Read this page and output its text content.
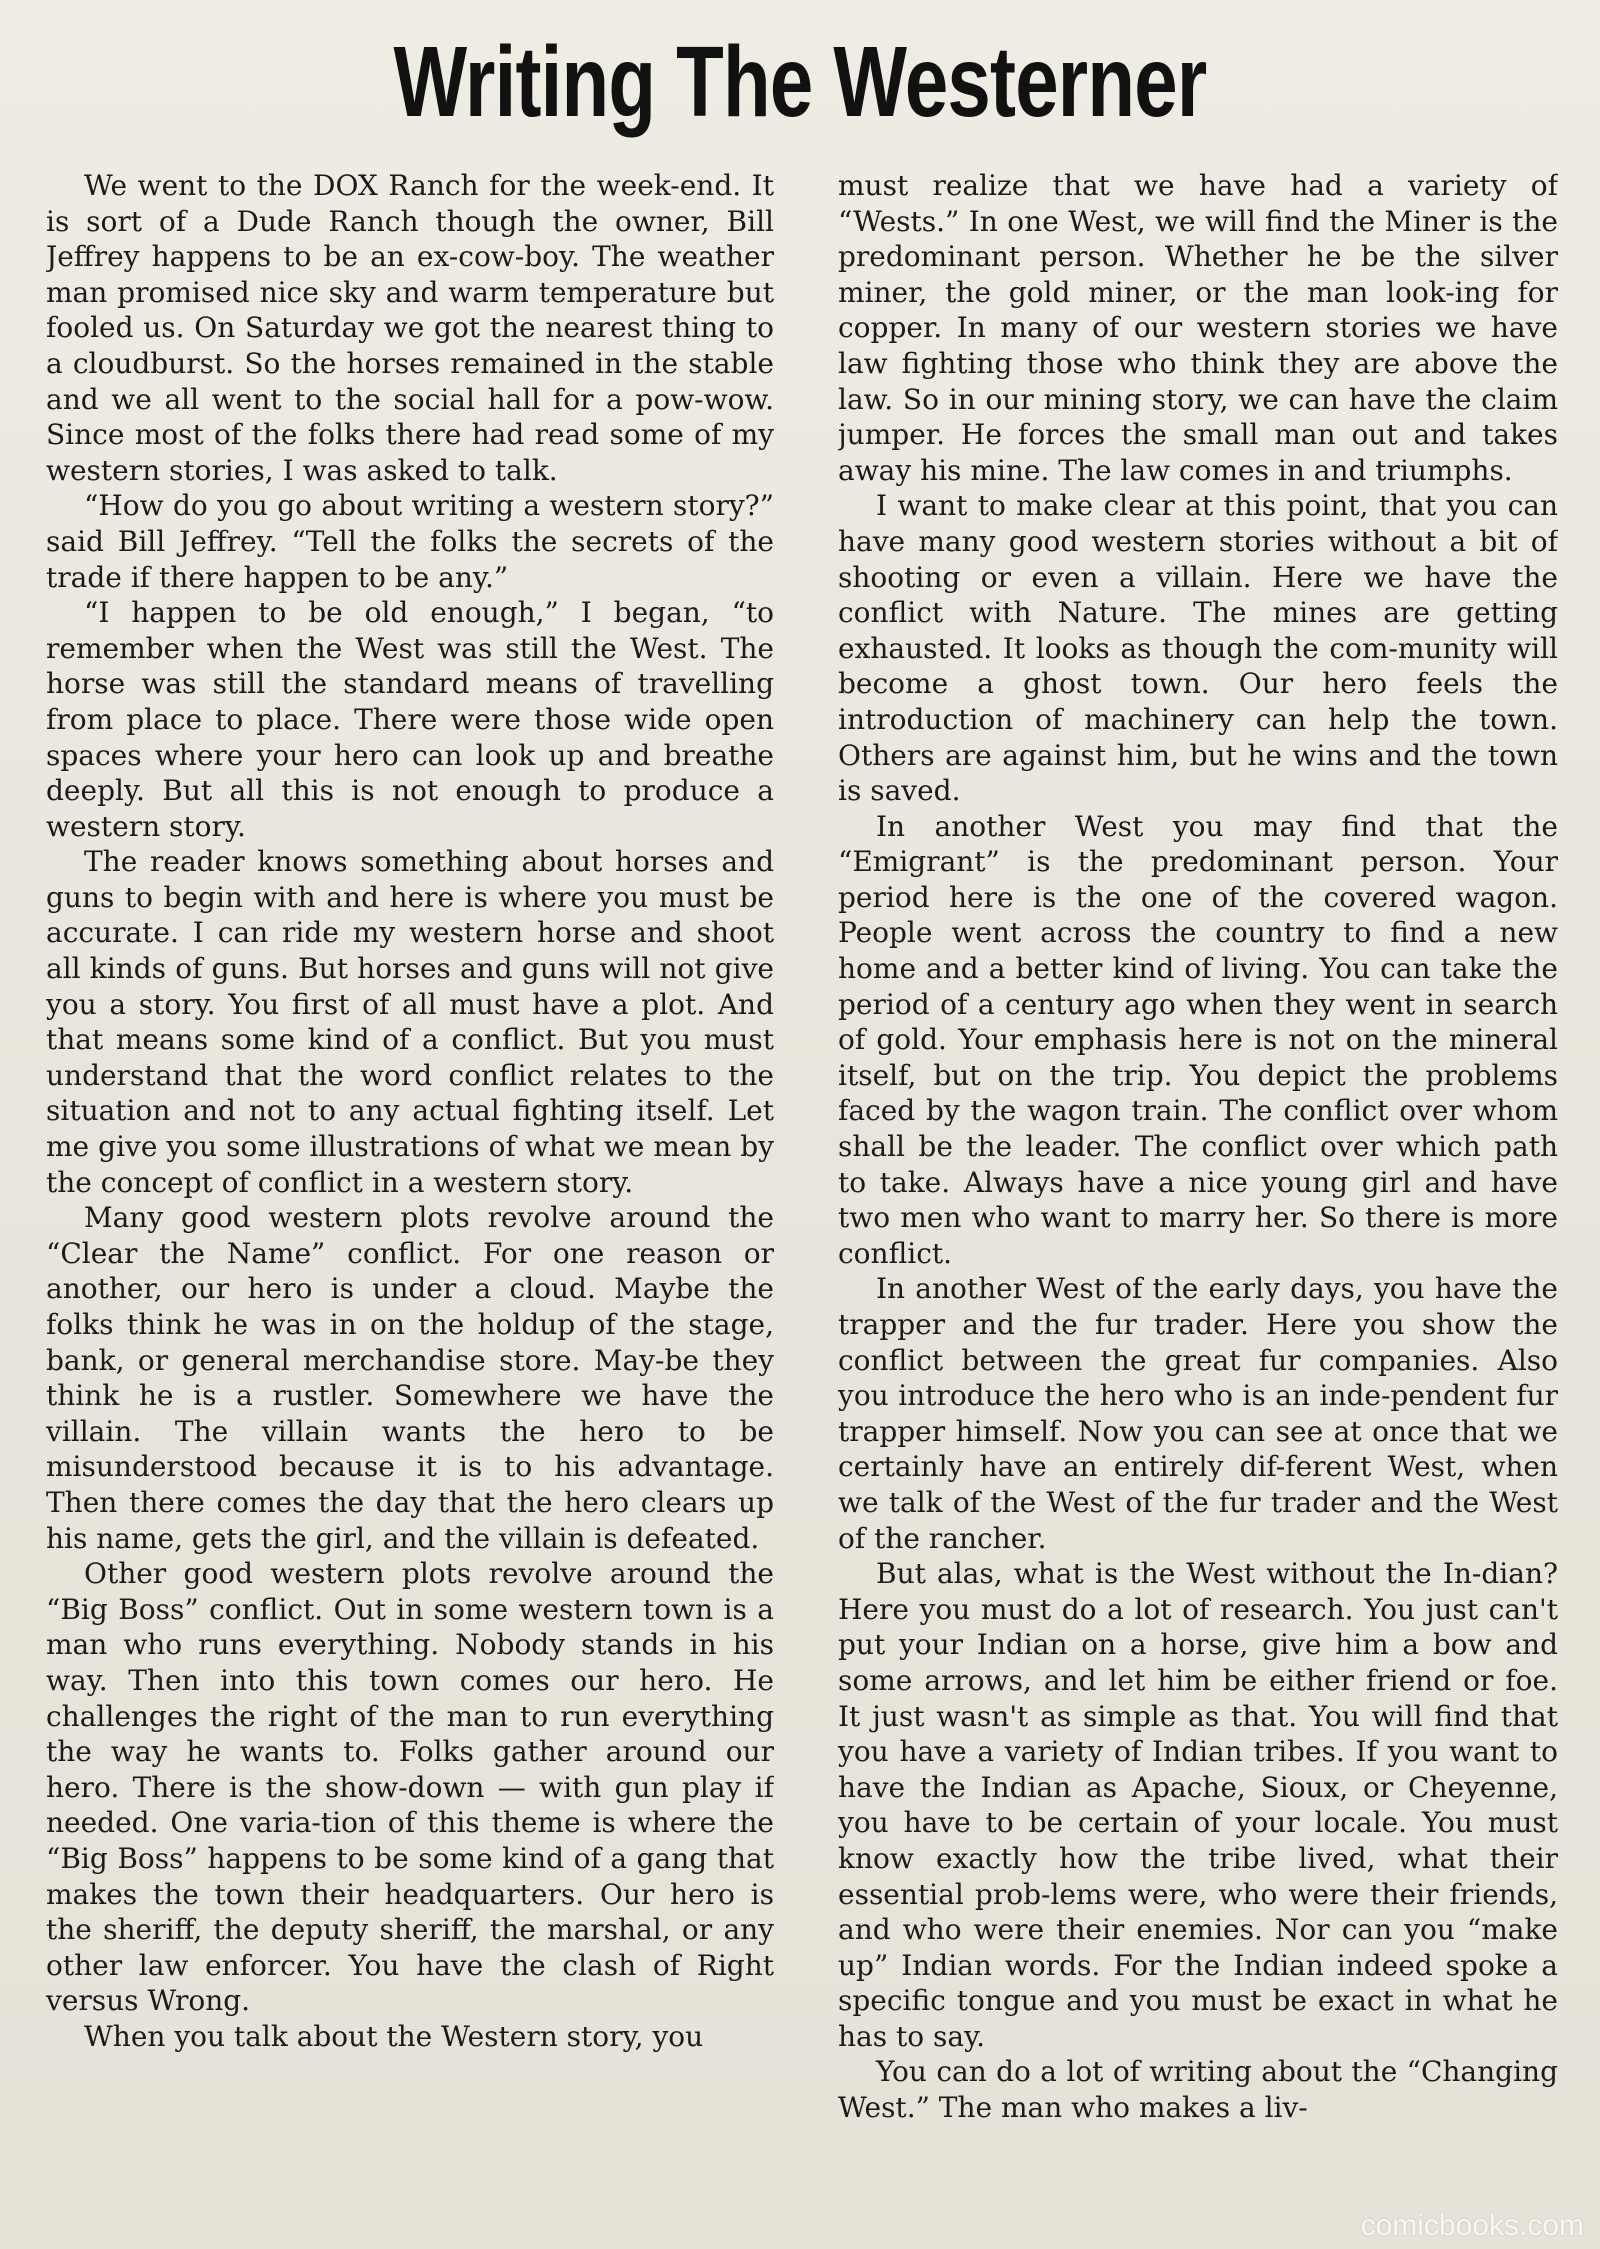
Writing The Westerner

We went to the DOX Ranch for the week-end. It is sort of a Dude Ranch though the owner, Bill Jeffrey happens to be an ex-cow-boy. The weather man promised nice sky and warm temperature but fooled us. On Saturday we got the nearest thing to a cloudburst. So the horses remained in the stable and we all went to the social hall for a pow-wow. Since most of the folks there had read some of my western stories, I was asked to talk.

“How do you go about writing a western story?” said Bill Jeffrey. “Tell the folks the secrets of the trade if there happen to be any.”

“I happen to be old enough,” I began, “to remember when the West was still the West. The horse was still the standard means of travelling from place to place. There were those wide open spaces where your hero can look up and breathe deeply. But all this is not enough to produce a western story.

The reader knows something about horses and guns to begin with and here is where you must be accurate. I can ride my western horse and shoot all kinds of guns. But horses and guns will not give you a story. You first of all must have a plot. And that means some kind of a conflict. But you must understand that the word conflict relates to the situation and not to any actual fighting itself. Let me give you some illustrations of what we mean by the concept of conflict in a western story.

Many good western plots revolve around the “Clear the Name” conflict. For one reason or another, our hero is under a cloud. Maybe the folks think he was in on the holdup of the stage, bank, or general merchandise store. May-be they think he is a rustler. Somewhere we have the villain. The villain wants the hero to be misunderstood because it is to his advantage. Then there comes the day that the hero clears up his name, gets the girl, and the villain is defeated.

Other good western plots revolve around the “Big Boss” conflict. Out in some western town is a man who runs everything. Nobody stands in his way. Then into this town comes our hero. He challenges the right of the man to run everything the way he wants to. Folks gather around our hero. There is the show-down — with gun play if needed. One varia-tion of this theme is where the “Big Boss” happens to be some kind of a gang that makes the town their headquarters. Our hero is the sheriff, the deputy sheriff, the marshal, or any other law enforcer. You have the clash of Right versus Wrong.

When you talk about the Western story, you

must realize that we have had a variety of “Wests.” In one West, we will find the Miner is the predominant person. Whether he be the silver miner, the gold miner, or the man look-ing for copper. In many of our western stories we have law fighting those who think they are above the law. So in our mining story, we can have the claim jumper. He forces the small man out and takes away his mine. The law comes in and triumphs.

I want to make clear at this point, that you can have many good western stories without a bit of shooting or even a villain. Here we have the conflict with Nature. The mines are getting exhausted. It looks as though the com-munity will become a ghost town. Our hero feels the introduction of machinery can help the town. Others are against him, but he wins and the town is saved.

In another West you may find that the “Emigrant” is the predominant person. Your period here is the one of the covered wagon. People went across the country to find a new home and a better kind of living. You can take the period of a century ago when they went in search of gold. Your emphasis here is not on the mineral itself, but on the trip. You depict the problems faced by the wagon train. The conflict over whom shall be the leader. The conflict over which path to take. Always have a nice young girl and have two men who want to marry her. So there is more conflict.

In another West of the early days, you have the trapper and the fur trader. Here you show the conflict between the great fur companies. Also you introduce the hero who is an inde-pendent fur trapper himself. Now you can see at once that we certainly have an entirely dif-ferent West, when we talk of the West of the fur trader and the West of the rancher.

But alas, what is the West without the In-dian? Here you must do a lot of research. You just can't put your Indian on a horse, give him a bow and some arrows, and let him be either friend or foe. It just wasn't as simple as that. You will find that you have a variety of Indian tribes. If you want to have the Indian as Apache, Sioux, or Cheyenne, you have to be certain of your locale. You must know exactly how the tribe lived, what their essential prob-lems were, who were their friends, and who were their enemies. Nor can you “make up” Indian words. For the Indian indeed spoke a specific tongue and you must be exact in what he has to say.

You can do a lot of writing about the “Changing West.” The man who makes a liv-

comicbooks.com
